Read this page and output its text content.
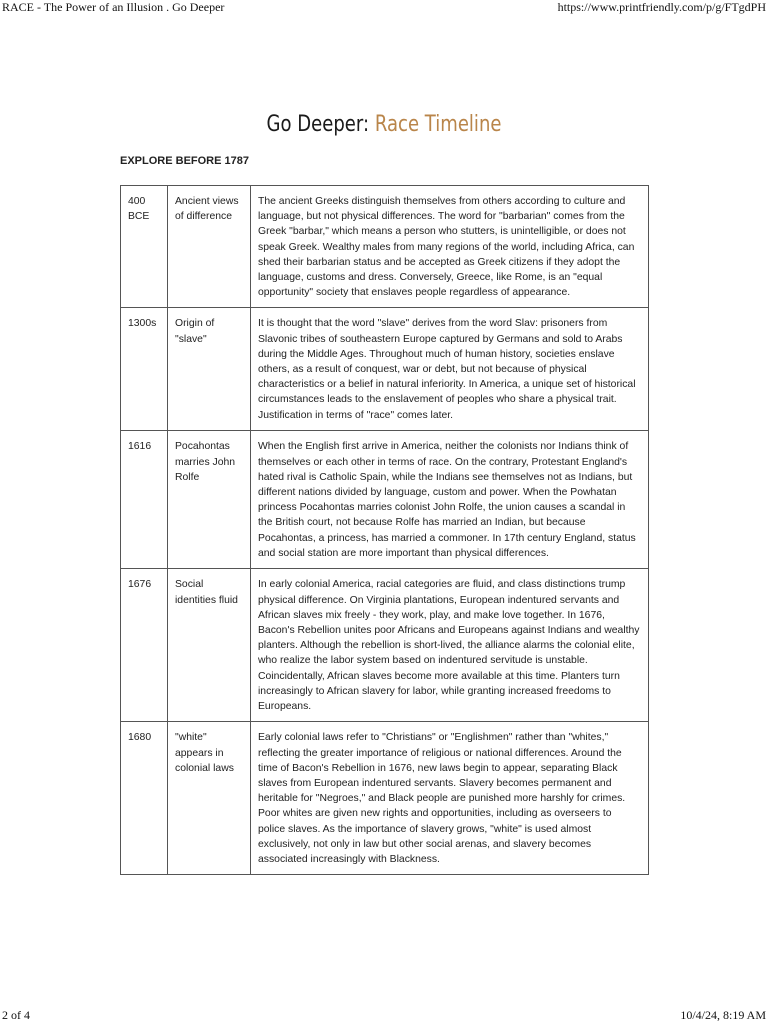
RACE - The Power of an Illusion . Go Deeper	https://www.printfriendly.com/p/g/FTgdPH
Go Deeper: Race Timeline
EXPLORE BEFORE 1787
400 BCE	Ancient views of difference	The ancient Greeks distinguish themselves from others according to culture and language, but not physical differences. The word for "barbarian" comes from the Greek "barbar," which means a person who stutters, is unintelligible, or does not speak Greek. Wealthy males from many regions of the world, including Africa, can shed their barbarian status and be accepted as Greek citizens if they adopt the language, customs and dress. Conversely, Greece, like Rome, is an "equal opportunity" society that enslaves people regardless of appearance.
1300s	Origin of "slave"	It is thought that the word "slave" derives from the word Slav: prisoners from Slavonic tribes of southeastern Europe captured by Germans and sold to Arabs during the Middle Ages. Throughout much of human history, societies enslave others, as a result of conquest, war or debt, but not because of physical characteristics or a belief in natural inferiority. In America, a unique set of historical circumstances leads to the enslavement of peoples who share a physical trait. Justification in terms of "race" comes later.
1616	Pocahontas marries John Rolfe	When the English first arrive in America, neither the colonists nor Indians think of themselves or each other in terms of race. On the contrary, Protestant England's hated rival is Catholic Spain, while the Indians see themselves not as Indians, but different nations divided by language, custom and power. When the Powhatan princess Pocahontas marries colonist John Rolfe, the union causes a scandal in the British court, not because Rolfe has married an Indian, but because Pocahontas, a princess, has married a commoner. In 17th century England, status and social station are more important than physical differences.
1676	Social identities fluid	In early colonial America, racial categories are fluid, and class distinctions trump physical difference. On Virginia plantations, European indentured servants and African slaves mix freely - they work, play, and make love together. In 1676, Bacon's Rebellion unites poor Africans and Europeans against Indians and wealthy planters. Although the rebellion is short-lived, the alliance alarms the colonial elite, who realize the labor system based on indentured servitude is unstable. Coincidentally, African slaves become more available at this time. Planters turn increasingly to African slavery for labor, while granting increased freedoms to Europeans.
1680	"white" appears in colonial laws	Early colonial laws refer to "Christians" or "Englishmen" rather than "whites," reflecting the greater importance of religious or national differences. Around the time of Bacon's Rebellion in 1676, new laws begin to appear, separating Black slaves from European indentured servants. Slavery becomes permanent and heritable for "Negroes," and Black people are punished more harshly for crimes. Poor whites are given new rights and opportunities, including as overseers to police slaves. As the importance of slavery grows, "white" is used almost exclusively, not only in law but other social arenas, and slavery becomes associated increasingly with Blackness.
2 of 4	10/4/24, 8:19 AM
